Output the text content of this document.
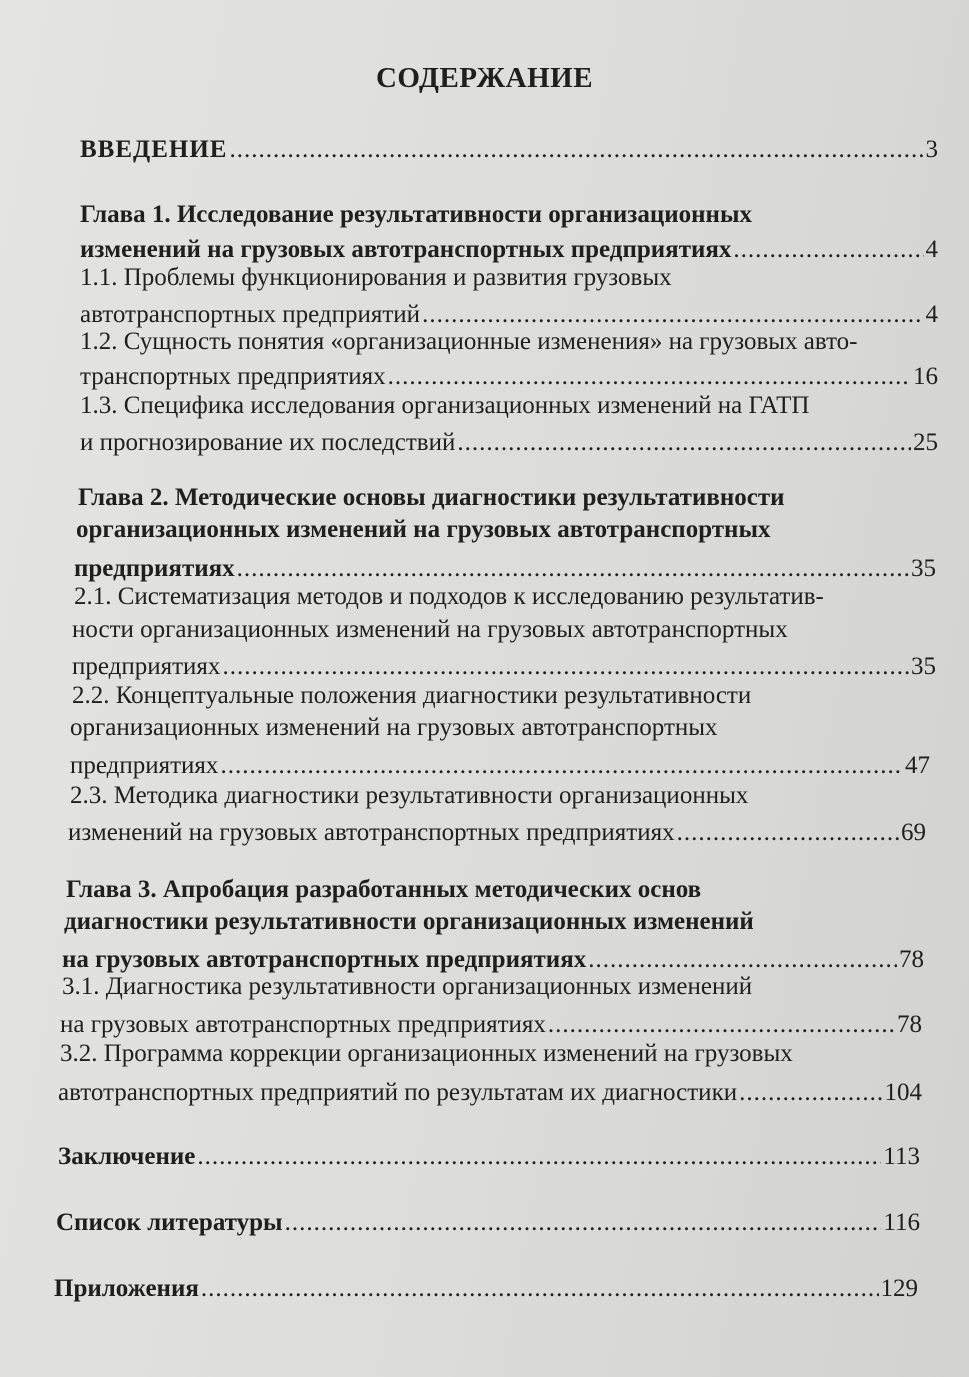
СОДЕРЖАНИЕ
ВВЕДЕНИЕ .....	3
Глава 1. Исследование результативности организационных
изменений на грузовых автотранспортных предприятиях .....	4
1.1. Проблемы функционирования и развития грузовых
автотранспортных предприятий .....	4
1.2. Сущность понятия «организационные изменения» на грузовых авто-
транспортных предприятиях .....	16
1.3. Специфика исследования организационных изменений на ГАТП
и прогнозирование их последствий .....	25
Глава 2. Методические основы диагностики результативности
организационных изменений на грузовых автотранспортных
предприятиях .....	35
2.1. Систематизация методов и подходов к исследованию результатив-
ности организационных изменений на грузовых автотранспортных
предприятиях .....	35
2.2. Концептуальные положения диагностики результативности
организационных изменений на грузовых автотранспортных
предприятиях .....	47
2.3. Методика диагностики результативности организационных
изменений на грузовых автотранспортных предприятиях .....	69
Глава 3. Апробация разработанных методических основ
диагностики результативности организационных изменений
на грузовых автотранспортных предприятиях .....	78
3.1. Диагностика результативности организационных изменений
на грузовых автотранспортных предприятиях .....	78
3.2. Программа коррекции организационных изменений на грузовых
автотранспортных предприятий по результатам их диагностики .....	104
Заключение .....	113
Список литературы .....	116
Приложения .....	129
